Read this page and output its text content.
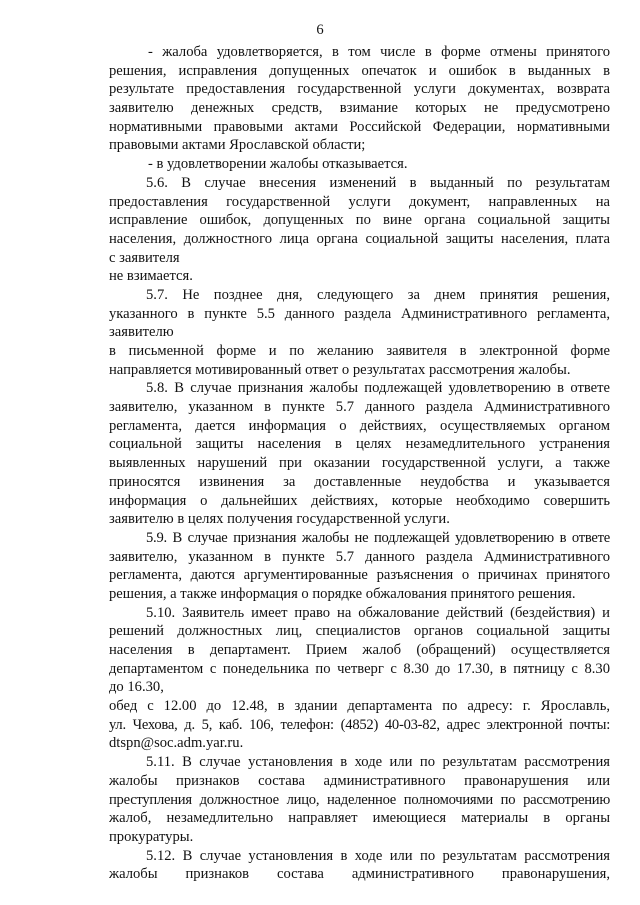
6
- жалоба удовлетворяется, в том числе в форме отмены принятого
решения, исправления допущенных опечаток и ошибок в выданных в
результате предоставления государственной услуги документах, возврата
заявителю денежных средств, взимание которых не предусмотрено
нормативными правовыми актами Российской Федерации, нормативными
правовыми актами Ярославской области;
- в удовлетворении жалобы отказывается.
5.6. В случае внесения изменений в выданный по результатам
предоставления государственной услуги документ, направленных на
исправление ошибок, допущенных по вине органа социальной защиты
населения, должностного лица органа социальной защиты населения, плата
с заявителя
не взимается.
5.7. Не позднее дня, следующего за днем принятия решения,
указанного в пункте 5.5 данного раздела Административного регламента,
заявителю
в письменной форме и по желанию заявителя в электронной форме
направляется мотивированный ответ о результатах рассмотрения жалобы.
5.8. В случае признания жалобы подлежащей удовлетворению в ответе
заявителю, указанном в пункте 5.7 данного раздела Административного
регламента, дается информация о действиях, осуществляемых органом
социальной защиты населения в целях незамедлительного устранения
выявленных нарушений при оказании государственной услуги, а также
приносятся извинения за доставленные неудобства и указывается
информация о дальнейших действиях, которые необходимо совершить
заявителю в целях получения государственной услуги.
5.9. В случае признания жалобы не подлежащей удовлетворению в ответе
заявителю, указанном в пункте 5.7 данного раздела Административного
регламента, даются аргументированные разъяснения о причинах принятого
решения, а также информация о порядке обжалования принятого решения.
5.10. Заявитель имеет право на обжалование действий (бездействия) и
решений должностных лиц, специалистов органов социальной защиты
населения в департамент. Прием жалоб (обращений) осуществляется
департаментом с понедельника по четверг с 8.30 до 17.30, в пятницу с 8.30
до 16.30,
обед с 12.00 до 12.48, в здании департамента по адресу: г. Ярославль,
ул. Чехова, д. 5, каб. 106, телефон: (4852) 40-03-82, адрес электронной почты:
dtspn@soc.adm.yar.ru.
5.11. В случае установления в ходе или по результатам рассмотрения
жалобы признаков состава административного правонарушения или
преступления должностное лицо, наделенное полномочиями по рассмотрению
жалоб, незамедлительно направляет имеющиеся материалы в органы
прокуратуры.
5.12. В случае установления в ходе или по результатам рассмотрения
жалобы признаков состава административного правонарушения,
